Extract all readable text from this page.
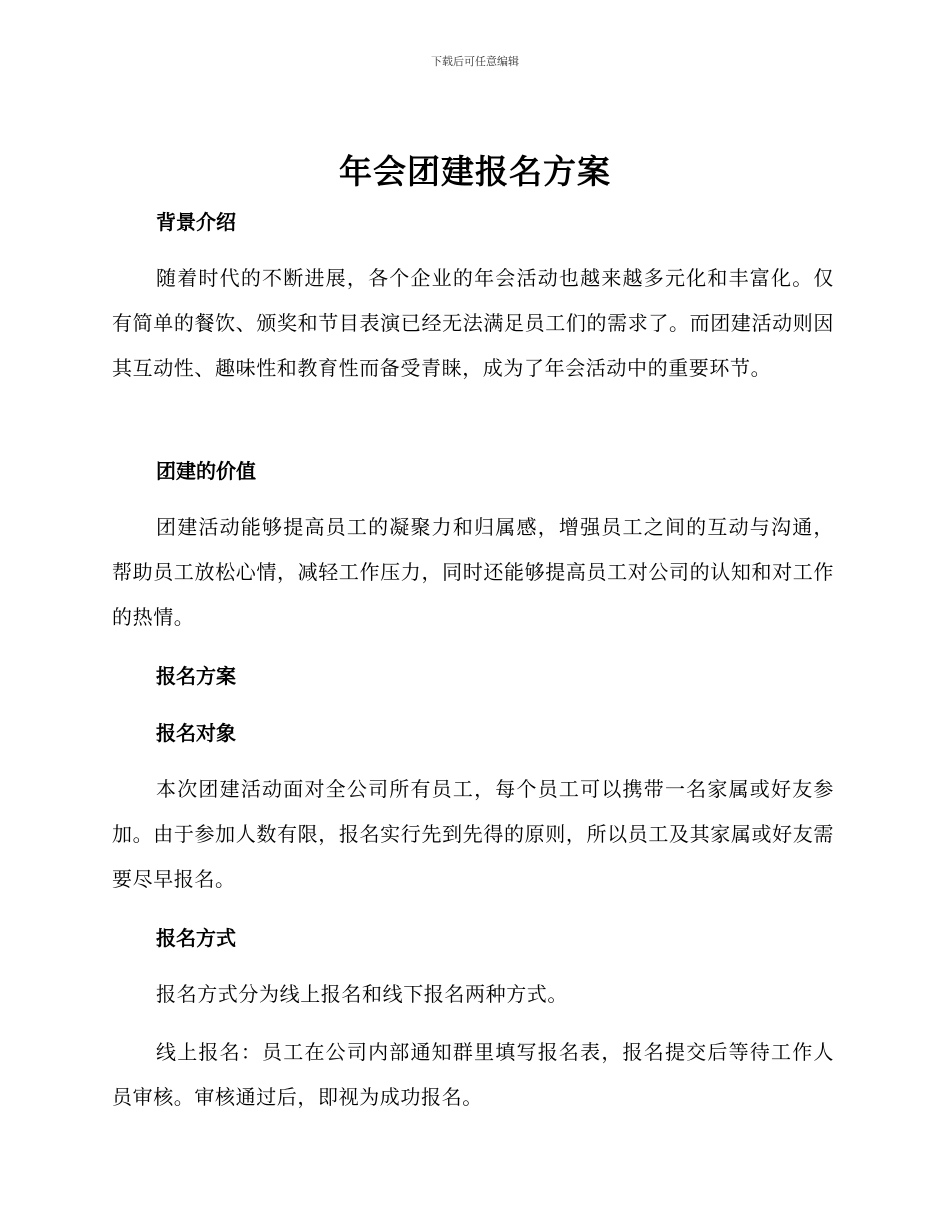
下载后可任意编辑
年会团建报名方案
背景介绍

随着时代的不断进展，各个企业的年会活动也越来越多元化和丰富化。仅有简单的餐饮、颁奖和节目表演已经无法满足员工们的需求了。而团建活动则因其互动性、趣味性和教育性而备受青睐，成为了年会活动中的重要环节。

团建的价值

团建活动能够提高员工的凝聚力和归属感，增强员工之间的互动与沟通，帮助员工放松心情，减轻工作压力，同时还能够提高员工对公司的认知和对工作的热情。

报名方案
报名对象

本次团建活动面对全公司所有员工，每个员工可以携带一名家属或好友参加。由于参加人数有限，报名实行先到先得的原则，所以员工及其家属或好友需要尽早报名。

报名方式

报名方式分为线上报名和线下报名两种方式。

线上报名：员工在公司内部通知群里填写报名表，报名提交后等待工作人员审核。审核通过后，即视为成功报名。
